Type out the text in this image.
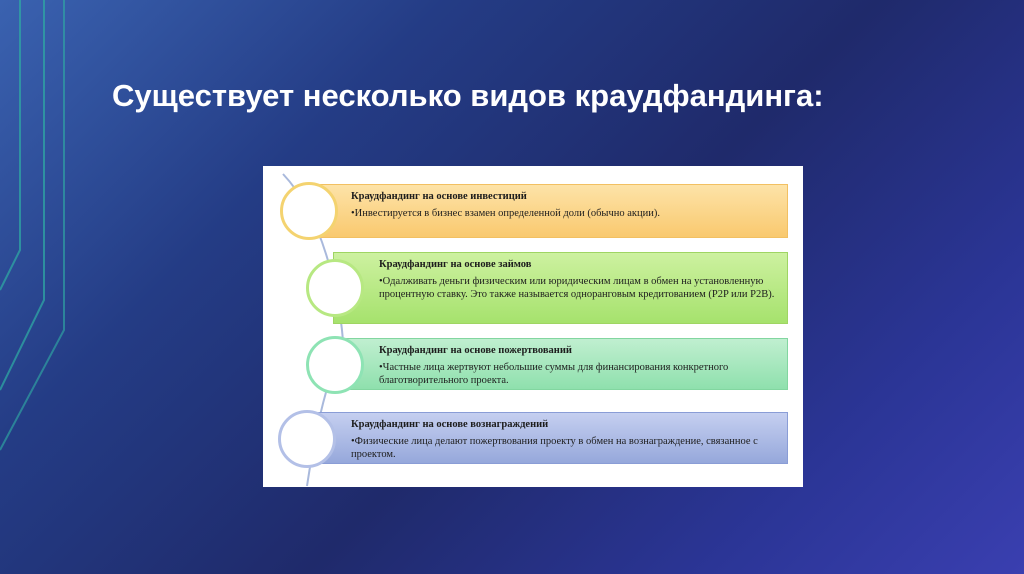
Существует несколько видов краудфандинга:
Краудфандинг на основе инвестиций
•Инвестируется в бизнес взамен определенной доли (обычно акции).
Краудфандинг на основе займов
•Одалживать деньги физическим или юридическим лицам в обмен на установленную процентную ставку. Это также называется одноранговым кредитованием (P2P или P2B).
Краудфандинг на основе пожертвований
•Частные лица жертвуют небольшие суммы для финансирования конкретного благотворительного проекта.
Краудфандинг на основе вознаграждений
•Физические лица делают пожертвования проекту в обмен на вознаграждение, связанное с проектом.
